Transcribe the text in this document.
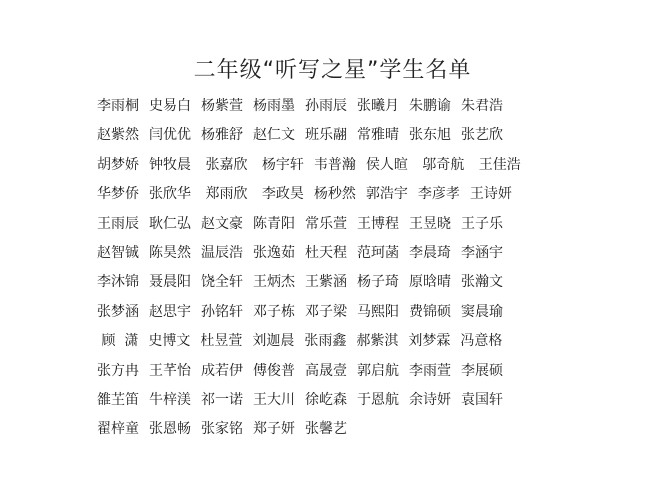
二年级“听写之星”学生名单
李雨桐 史易白 杨紫萱 杨雨墨 孙雨辰 张曦月 朱鹏谕 朱君浩
赵紫然 闫优优 杨雅舒 赵仁文 班乐翮 常雅晴 张东旭 张艺欣
胡梦娇 钟牧晨 张嘉欣 杨宇轩 韦普瀚 侯人暄 邬奇航 王佳浩
华梦侨 张欣华 郑雨欣 李政昊 杨秒然 郭浩宇 李彦孝 王诗妍
王雨辰 耿仁弘 赵文豪 陈青阳 常乐萱 王博程 王昱晓 王子乐
赵智铖 陈昊然 温辰浩 张逸茹 杜天程 范珂菡 李晨琦 李涵宇
李沐锦 聂晨阳 饶全轩 王炳杰 王紫涵 杨子琦 原晗晴 张瀚文
张梦涵 赵思宇 孙铭轩 邓子栋 邓子梁 马熙阳 费锦硕 窦晨瑜
顾  潇 史博文 杜昱萱 刘迦晨 张雨鑫 郝紫淇 刘梦霖 冯意格
张方冉 王芊怡 成若伊 傅俊普 高晟壹 郭启航 李雨萱 李展硕
雒芏笛 牛梓渼 祁一诺 王大川 徐屹森 于恩航 余诗妍 袁国轩
翟梓童 张恩畅 张家铭 郑子妍 张馨艺
